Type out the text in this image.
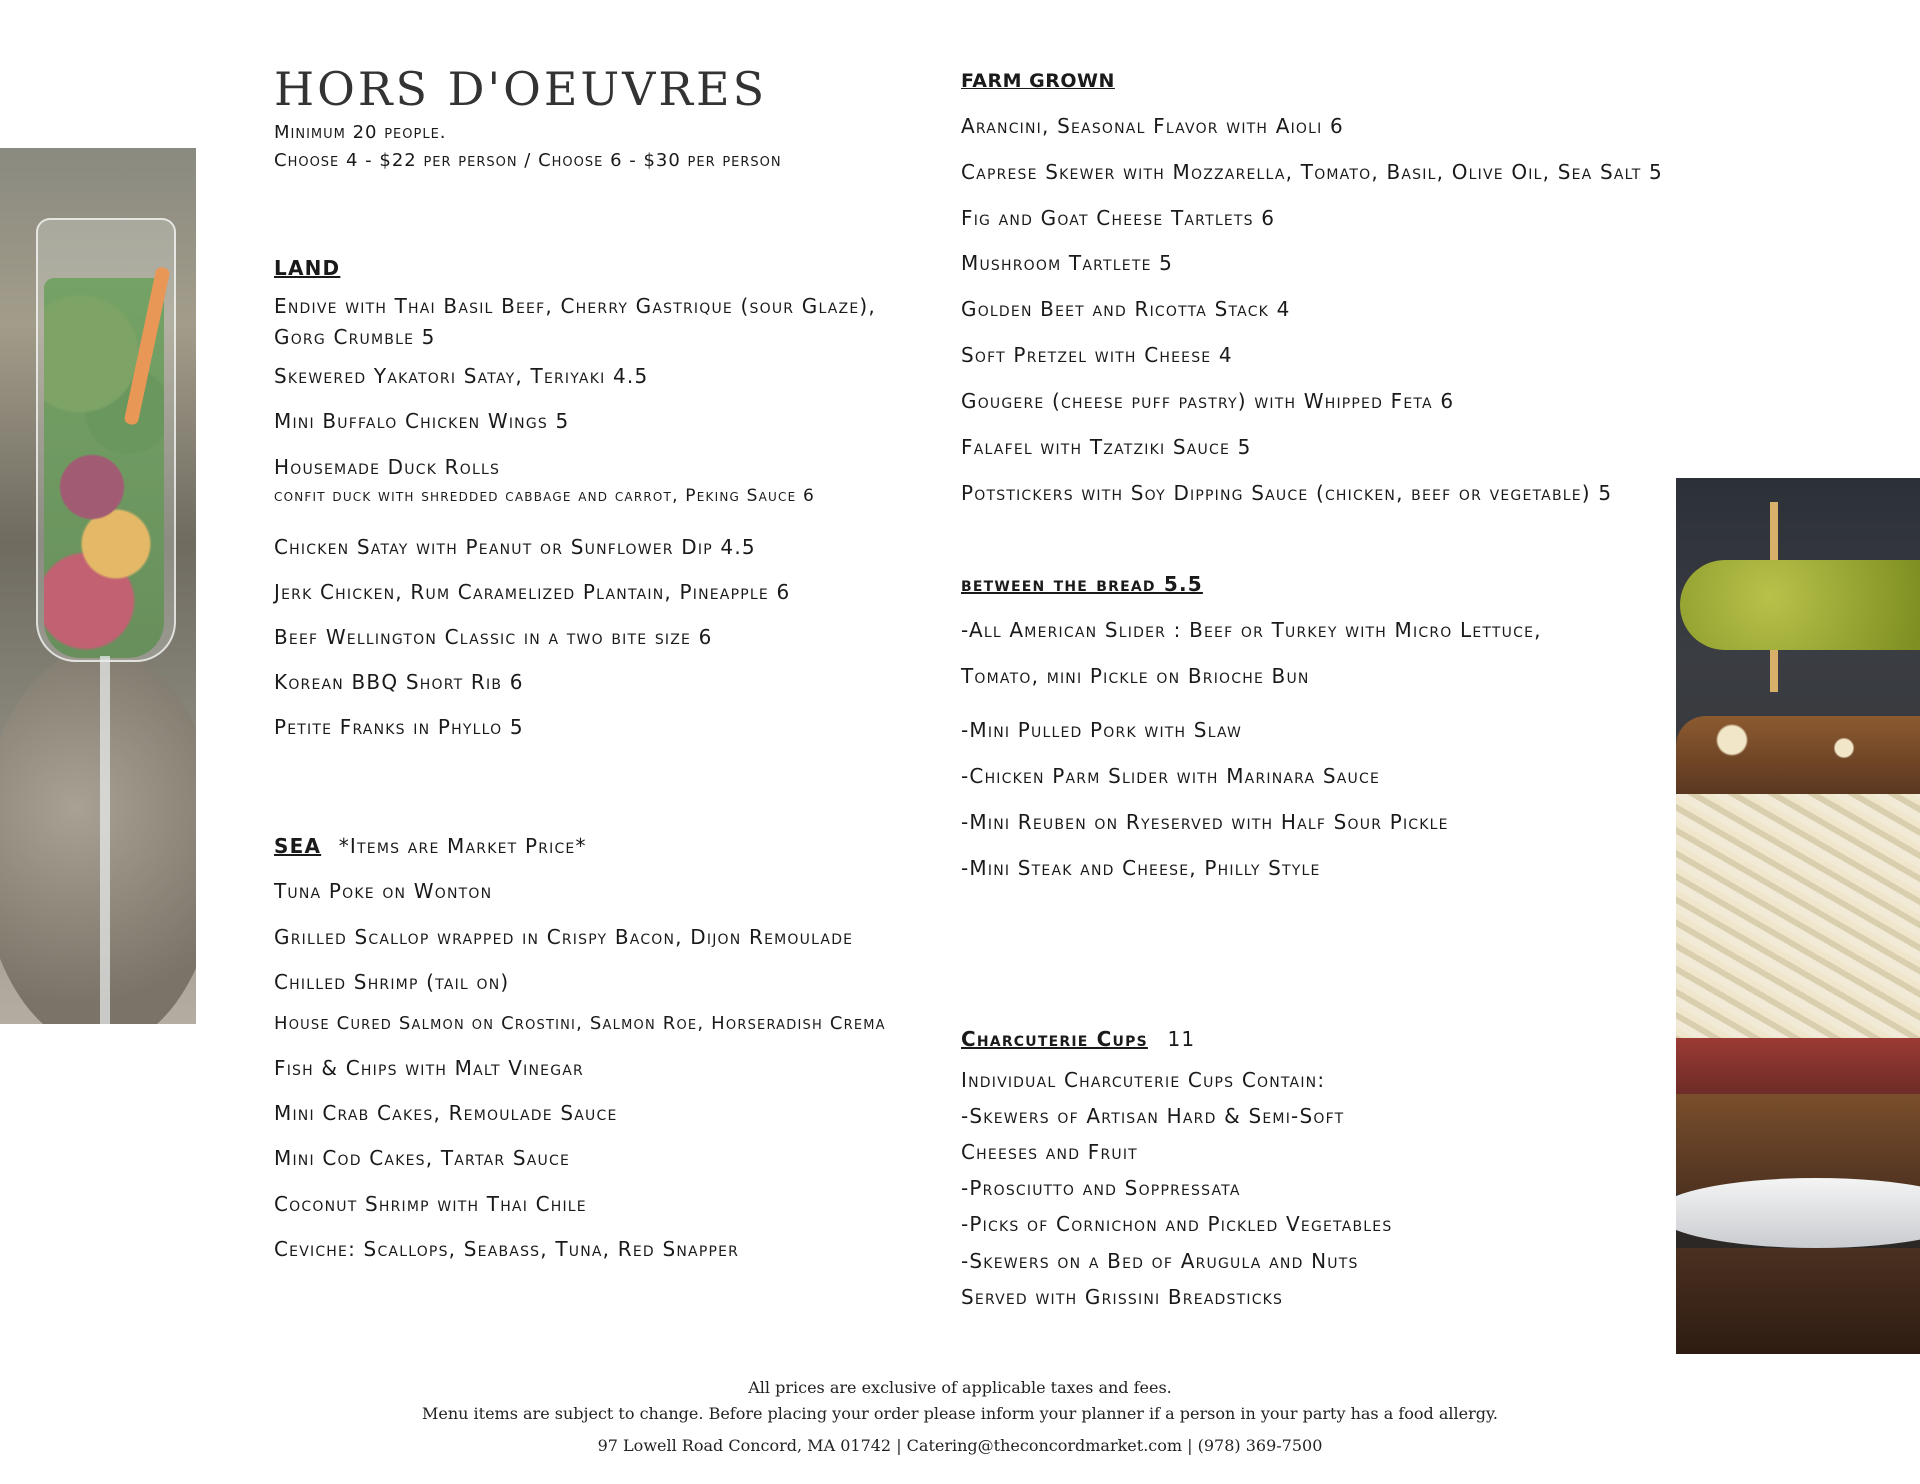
HORS D'OEUVRES
Minimum 20 people.
Choose 4 - $22 per person / Choose 6 - $30 per person
LAND
Endive with Thai Basil Beef, Cherry Gastrique (sour Glaze),
Gorg Crumble 5
Skewered Yakatori Satay, Teriyaki 4.5
Mini Buffalo Chicken Wings 5
Housemade Duck Rolls
confit duck with shredded cabbage and carrot, Peking Sauce 6
Chicken Satay with Peanut or Sunflower Dip 4.5
Jerk Chicken, Rum Caramelized Plantain, Pineapple 6
Beef Wellington Classic in a two bite size 6
Korean BBQ Short Rib 6
Petite Franks in Phyllo 5
SEA *Items are Market Price*
Tuna Poke on Wonton
Grilled Scallop wrapped in Crispy Bacon, Dijon Remoulade
Chilled Shrimp (tail on)
House Cured Salmon on Crostini, Salmon Roe, Horseradish Crema
Fish & Chips with Malt Vinegar
Mini Crab Cakes, Remoulade Sauce
Mini Cod Cakes, Tartar Sauce
Coconut Shrimp with Thai Chile
Ceviche: Scallops, Seabass, Tuna, Red Snapper
FARM GROWN
Arancini, Seasonal Flavor with Aioli 6
Caprese Skewer with Mozzarella, Tomato, Basil, Olive Oil, Sea Salt 5
Fig and Goat Cheese Tartlets 6
Mushroom Tartlete 5
Golden Beet and Ricotta Stack 4
Soft Pretzel with Cheese 4
Gougere (cheese puff pastry) with Whipped Feta 6
Falafel with Tzatziki Sauce 5
Potstickers with Soy Dipping Sauce (chicken, beef or vegetable) 5
between the bread 5.5
-All American Slider : Beef or Turkey with Micro Lettuce,
Tomato, mini Pickle on Brioche Bun
-Mini Pulled Pork with Slaw
-Chicken Parm Slider with Marinara Sauce
-Mini Reuben on Ryeserved with Half Sour Pickle
-Mini Steak and Cheese, Philly Style
Charcuterie Cups 11
Individual Charcuterie Cups Contain:
-Skewers of Artisan Hard & Semi-Soft
Cheeses and Fruit
-Prosciutto and Soppressata
-Picks of Cornichon and Pickled Vegetables
-Skewers on a Bed of Arugula and Nuts
Served with Grissini Breadsticks
All prices are exclusive of applicable taxes and fees.
Menu items are subject to change. Before placing your order please inform your planner if a person in your party has a food allergy.
97 Lowell Road Concord, MA 01742 | Catering@theconcordmarket.com | (978) 369-7500
